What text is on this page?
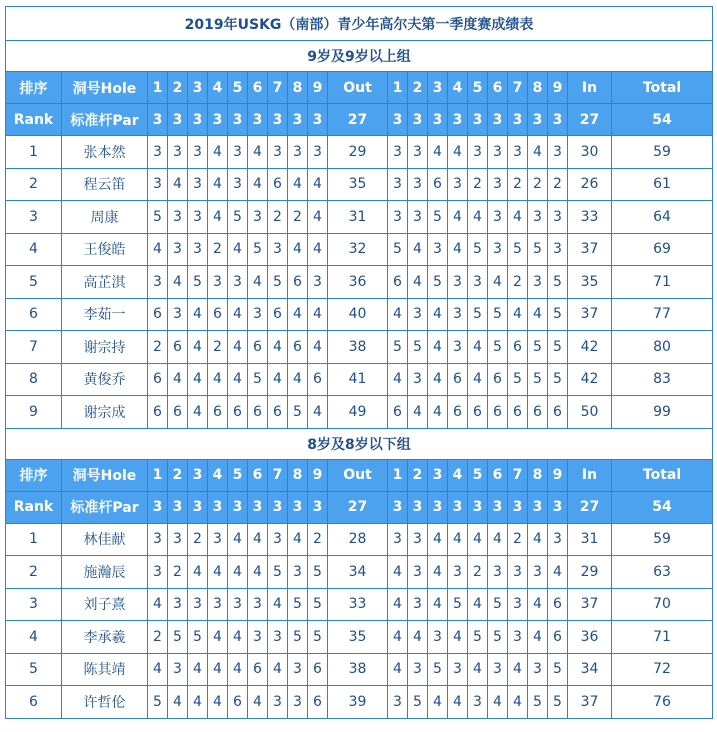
2019年USKG（南部）青少年高尔夫第一季度赛成绩表																						
9岁及9岁以上组																						
排序	洞号Hole	1	2	3	4	5	6	7	8	9	Out	1	2	3	4	5	6	7	8	9	In	Total
Rank	标准杆Par	3	3	3	3	3	3	3	3	3	27	3	3	3	3	3	3	3	3	3	27	54
1	张本然	3	3	3	4	3	4	3	3	3	29	3	3	4	4	3	3	3	4	3	30	59
2	程云笛	3	4	3	4	3	4	6	4	4	35	3	3	6	3	2	3	2	2	2	26	61
3	周康	5	3	3	4	5	3	2	2	4	31	3	3	5	4	4	3	4	3	3	33	64
4	王俊皓	4	3	3	2	4	5	3	4	4	32	5	4	3	4	5	3	5	5	3	37	69
5	高芷淇	3	4	5	3	3	4	5	6	3	36	6	4	5	3	3	4	2	3	5	35	71
6	李茹一	6	3	4	6	4	3	6	4	4	40	4	3	4	3	5	5	4	4	5	37	77
7	谢宗持	2	6	4	2	4	6	4	6	4	38	5	5	4	3	4	5	6	5	5	42	80
8	黄俊乔	6	4	4	4	4	5	4	4	6	41	4	3	4	6	4	6	5	5	5	42	83
9	谢宗成	6	6	4	6	6	6	6	5	4	49	6	4	4	6	6	6	6	6	6	50	99
8岁及8岁以下组																						
排序	洞号Hole	1	2	3	4	5	6	7	8	9	Out	1	2	3	4	5	6	7	8	9	In	Total
Rank	标准杆Par	3	3	3	3	3	3	3	3	3	27	3	3	3	3	3	3	3	3	3	27	54
1	林佳献	3	3	2	3	4	4	3	4	2	28	3	3	4	4	4	4	2	4	3	31	59
2	施瀚辰	3	2	4	4	4	4	5	3	5	34	4	3	4	3	2	3	3	3	4	29	63
3	刘子熹	4	3	3	3	3	3	4	5	5	33	4	3	4	5	4	5	3	4	6	37	70
4	李承羲	2	5	5	4	4	3	3	5	5	35	4	4	3	4	5	5	3	4	6	36	71
5	陈其靖	4	3	4	4	4	6	4	3	6	38	4	3	5	3	4	3	4	3	5	34	72
6	许哲伦	5	4	4	4	6	4	3	3	6	39	3	5	4	4	3	4	4	5	5	37	76
